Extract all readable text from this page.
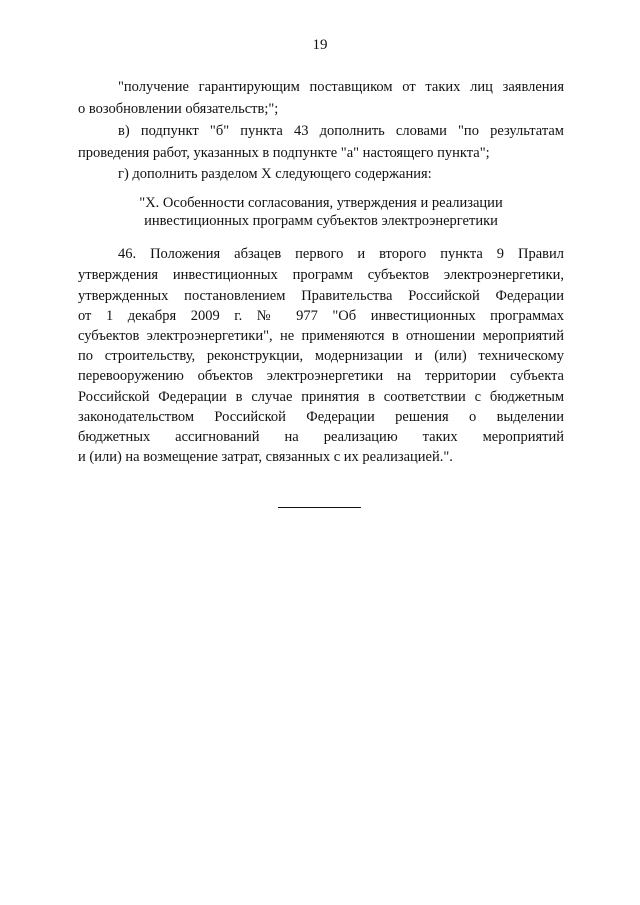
19
"получение гарантирующим поставщиком от таких лиц заявления
о возобновлении обязательств;";
в) подпункт "б" пункта 43 дополнить словами "по результатам
проведения работ, указанных в подпункте "а" настоящего пункта";
г) дополнить разделом X следующего содержания:
"X. Особенности согласования, утверждения и реализации
инвестиционных программ субъектов электроэнергетики
46. Положения абзацев первого и второго пункта 9 Правил
утверждения инвестиционных программ субъектов электроэнергетики,
утвержденных постановлением Правительства Российской Федерации
от 1 декабря 2009 г. № 977 "Об инвестиционных программах
субъектов электроэнергетики", не применяются в отношении мероприятий
по строительству, реконструкции, модернизации и (или) техническому
перевооружению объектов электроэнергетики на территории субъекта
Российской Федерации в случае принятия в соответствии с бюджетным
законодательством Российской Федерации решения о выделении
бюджетных ассигнований на реализацию таких мероприятий
и (или) на возмещение затрат, связанных с их реализацией.".
